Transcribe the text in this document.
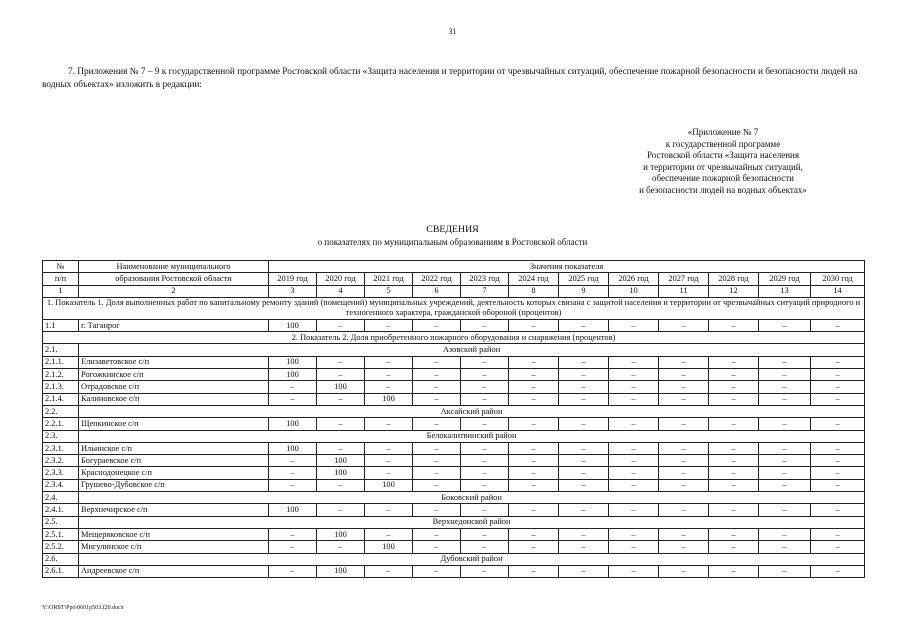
31
7. Приложения № 7 – 9 к государственной программе Ростовской области «Защита населения и территории от чрезвычайных ситуаций, обеспечение пожарной безопасности и безопасности людей на водных объектах» изложить в редакции:
«Приложение № 7
к государственной программе
Ростовской области «Защита населения
и территории от чрезвычайных ситуаций,
обеспечение пожарной безопасности
и безопасности людей на водных объектах»
СВЕДЕНИЯ
о показателях по муниципальным образованиям в Ростовской области
№	Наименование муниципального	Значения показателя											
п/п	образования Ростовской области	2019 год	2020 год	2021 год	2022 год	2023 год	2024 год	2025 год	2026 год	2027 год	2028 год	2029 год	2030 год
1	2	3	4	5	6	7	8	9	10	11	12	13	14
1. Показатель 1. Доля выполненных работ по капитальному ремонту зданий (помещений) муниципальных учреждений, деятельность которых связана с защитой населения и территории от чрезвычайных ситуаций природного и техногенного характера, гражданской обороной (процентов)													
1.1	г. Таганрог	100	–	–	–	–	–	–	–	–	–	–	–
2. Показатель 2. Доля приобретенного пожарного оборудования и снаряжения (процентов)													
2.1.	Азовский район												
2.1.1.	Елизаветовское с/п	100	–	–	–	–	–	–	–	–	–	–	–
2.1.2.	Рогожкинское с/п	100	–	–	–	–	–	–	–	–	–	–	–
2.1.3.	Отрадовское с/п	–	100	–	–	–	–	–	–	–	–	–	–
2.1.4.	Калиновское с/п	–	–	100	–	–	–	–	–	–	–	–	–
2.2.	Аксайский район												
2.2.1.	Щепкинское с/п	100	–	–	–	–	–	–	–	–	–	–	–
2.3.	Белокалитвинский район												
2.3.1.	Ильинское с/п	100	–	–	–	–	–	–	–	–	–	–	–
2.3.2.	Богураевское с/п	–	100	–	–	–	–	–	–	–	–	–	–
2.3.3.	Краснодонецкое с/п	–	100	–	–	–	–	–	–	–	–	–	–
2.3.4.	Грушево-Дубовское с/п	–	–	100	–	–	–	–	–	–	–	–	–
2.4.	Боковский район												
2.4.1.	Верхнечирское с/п	100	–	–	–	–	–	–	–	–	–	–	–
2.5.	Верхнедонской район												
2.5.1.	Мещеряковское с/п	–	100	–	–	–	–	–	–	–	–	–	–
2.5.2.	Мигулинское с/п	–	–	100	–	–	–	–	–	–	–	–	–
2.6.	Дубовский район												
2.6.1.	Андреевское с/п	–	100	–	–	–	–	–	–	–	–	–	–
Y:\ORST\Ppo\0601p503.f20.docx
